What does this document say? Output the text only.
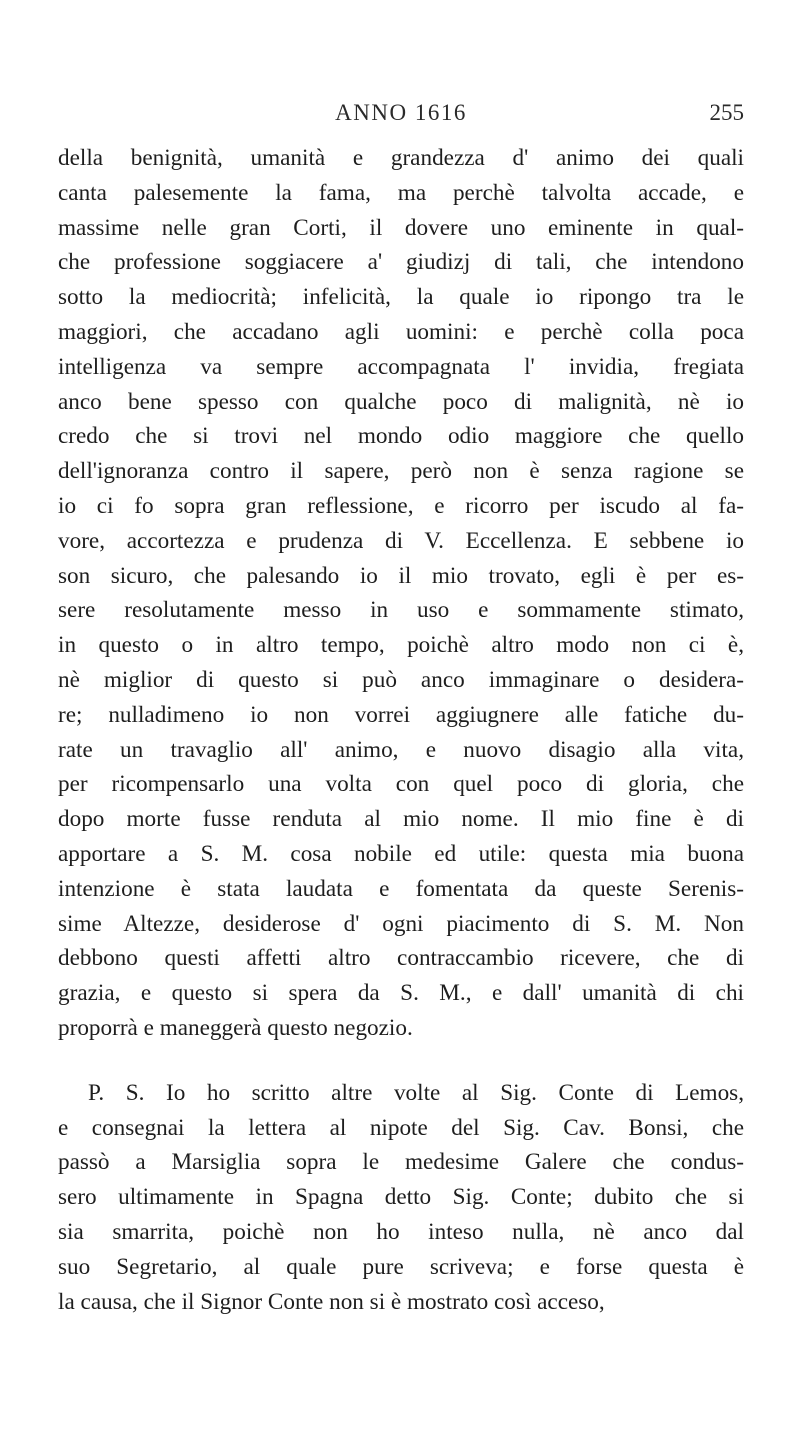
ANNO 1616	255
della benignità, umanità e grandezza d' animo dei quali
canta palesemente la fama, ma perchè talvolta accade, e
massime nelle gran Corti, il dovere uno eminente in qual-
che professione soggiacere a' giudizj di tali, che intendono
sotto la mediocrità; infelicità, la quale io ripongo tra le
maggiori, che accadano agli uomini: e perchè colla poca
intelligenza va sempre accompagnata l' invidia, fregiata
anco bene spesso con qualche poco di malignità, nè io
credo che si trovi nel mondo odio maggiore che quello
dell'ignoranza contro il sapere, però non è senza ragione se
io ci fo sopra gran reflessione, e ricorro per iscudo al fa-
vore, accortezza e prudenza di V. Eccellenza. E sebbene io
son sicuro, che palesando io il mio trovato, egli è per es-
sere resolutamente messo in uso e sommamente stimato,
in questo o in altro tempo, poichè altro modo non ci è,
nè miglior di questo si può anco immaginare o desidera-
re; nulladimeno io non vorrei aggiugnere alle fatiche du-
rate un travaglio all' animo, e nuovo disagio alla vita,
per ricompensarlo una volta con quel poco di gloria, che
dopo morte fusse renduta al mio nome. Il mio fine è di
apportare a S. M. cosa nobile ed utile: questa mia buona
intenzione è stata laudata e fomentata da queste Serenis-
sime Altezze, desiderose d' ogni piacimento di S. M. Non
debbono questi affetti altro contraccambio ricevere, che di
grazia, e questo si spera da S. M., e dall' umanità di chi
proporrà e maneggerà questo negozio.
P. S. Io ho scritto altre volte al Sig. Conte di Lemos,
e consegnai la lettera al nipote del Sig. Cav. Bonsi, che
passò a Marsiglia sopra le medesime Galere che condus-
sero ultimamente in Spagna detto Sig. Conte; dubito che si
sia smarrita, poichè non ho inteso nulla, nè anco dal
suo Segretario, al quale pure scriveva; e forse questa è
la causa, che il Signor Conte non si è mostrato così acceso,
